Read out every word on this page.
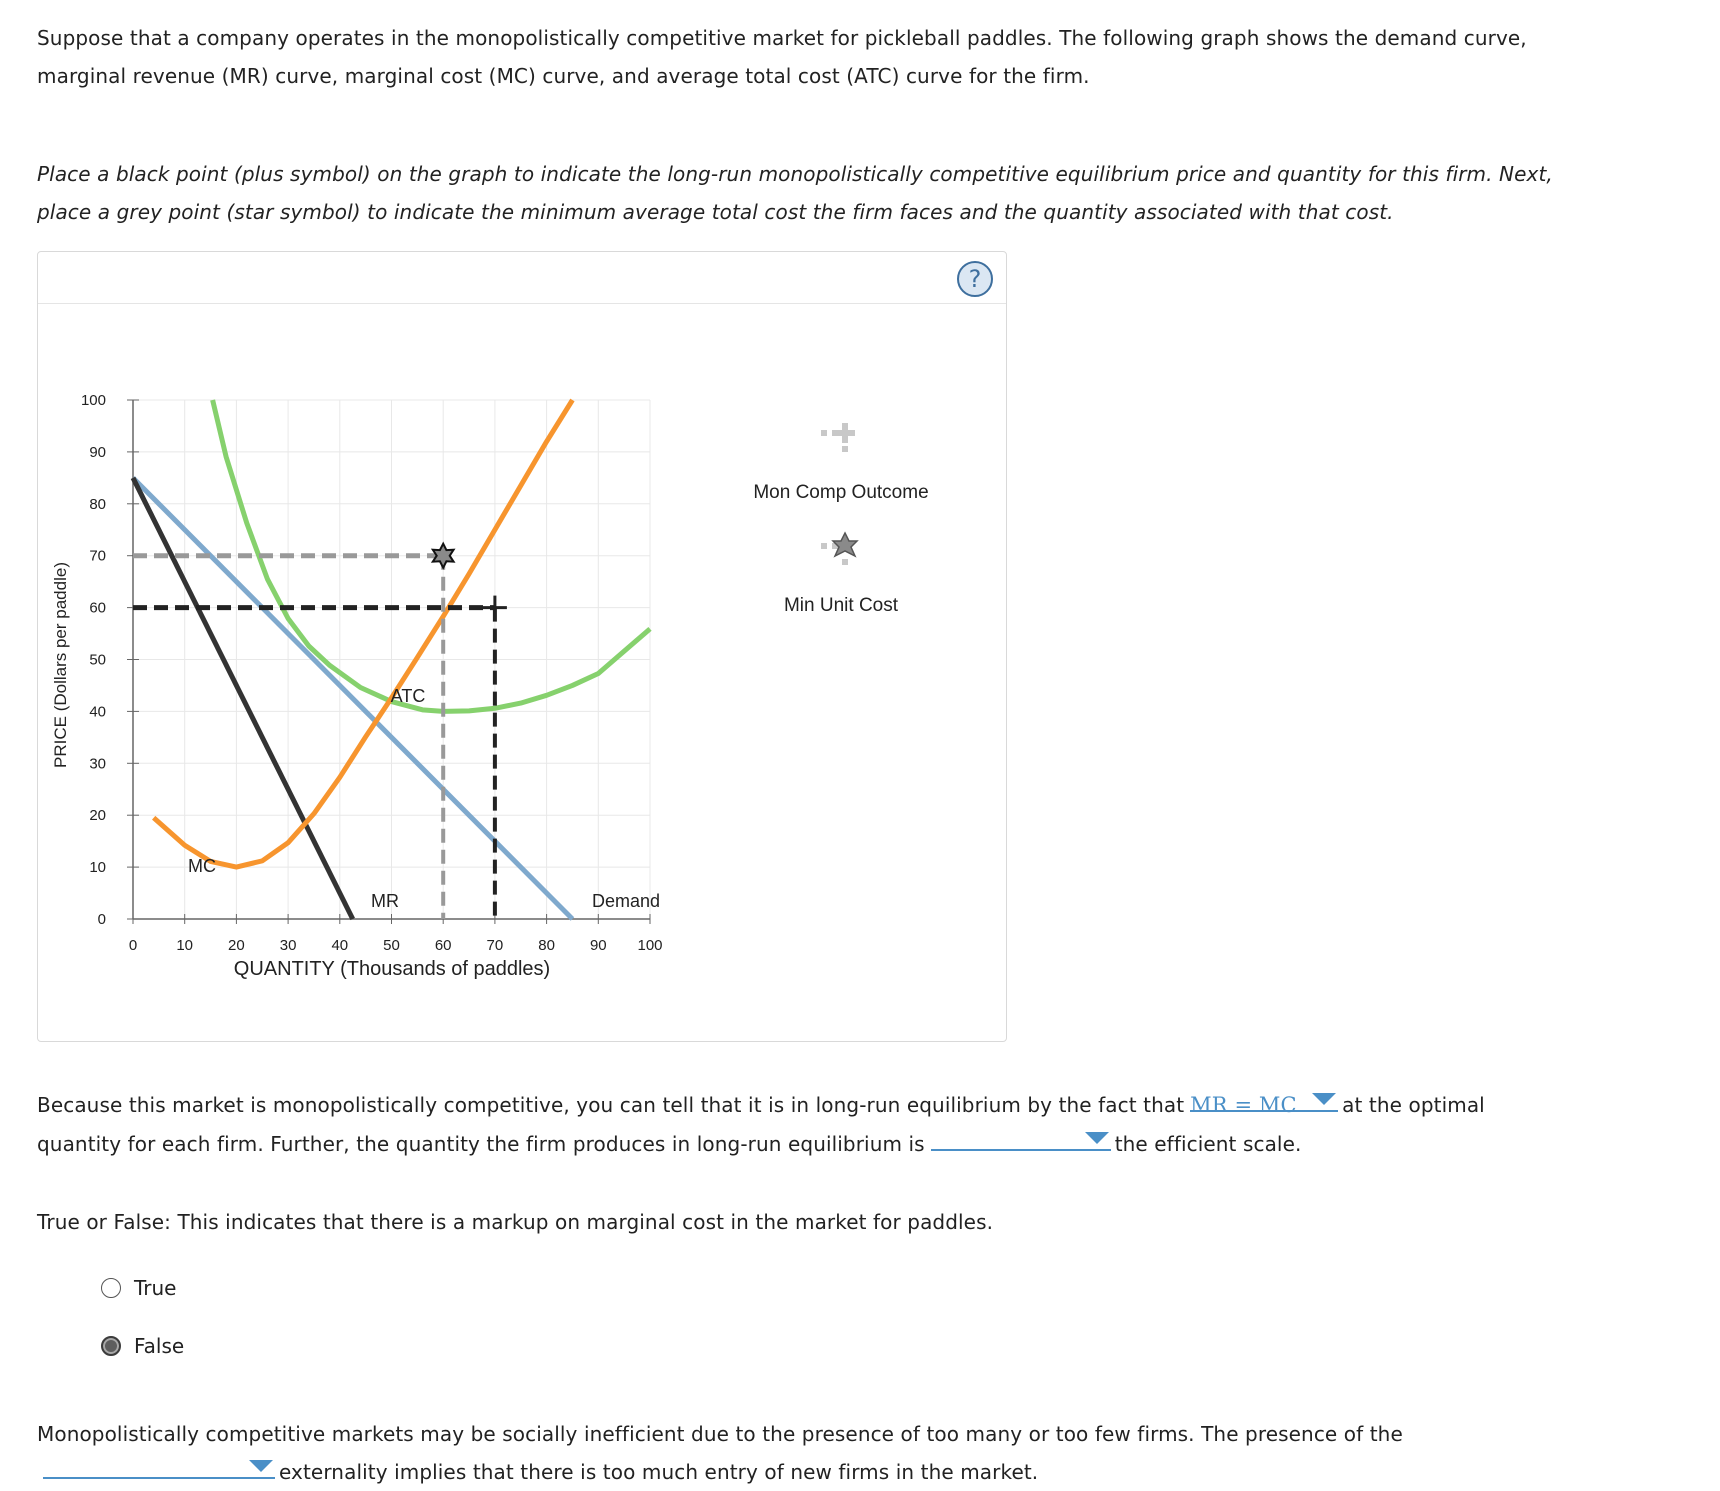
Suppose that a company operates in the monopolistically competitive market for pickleball paddles. The following graph shows the demand curve,
marginal revenue (MR) curve, marginal cost (MC) curve, and average total cost (ATC) curve for the firm.
Place a black point (plus symbol) on the graph to indicate the long-run monopolistically competitive equilibrium price and quantity for this firm. Next,
place a grey point (star symbol) to indicate the minimum average total cost the firm faces and the quantity associated with that cost.
?
0	10 20 30 40 50 60 70 80 90 100
0
10
20
30
40
50
60
70
80
90
100
PRICE (Dollars per paddle)
QUANTITY (Thousands of paddles)
ATC
MC
MR	Demand
Mon Comp Outcome
Min Unit Cost
Because this market is monopolistically competitive, you can tell that it is in long-run equilibrium by the fact that MR = MC at the optimal
quantity for each firm. Further, the quantity the firm produces in long-run equilibrium is	the efficient scale.
True or False: This indicates that there is a markup on marginal cost in the market for paddles.
True
False
Monopolistically competitive markets may be socially inefficient due to the presence of too many or too few firms. The presence of the
externality implies that there is too much entry of new firms in the market.
